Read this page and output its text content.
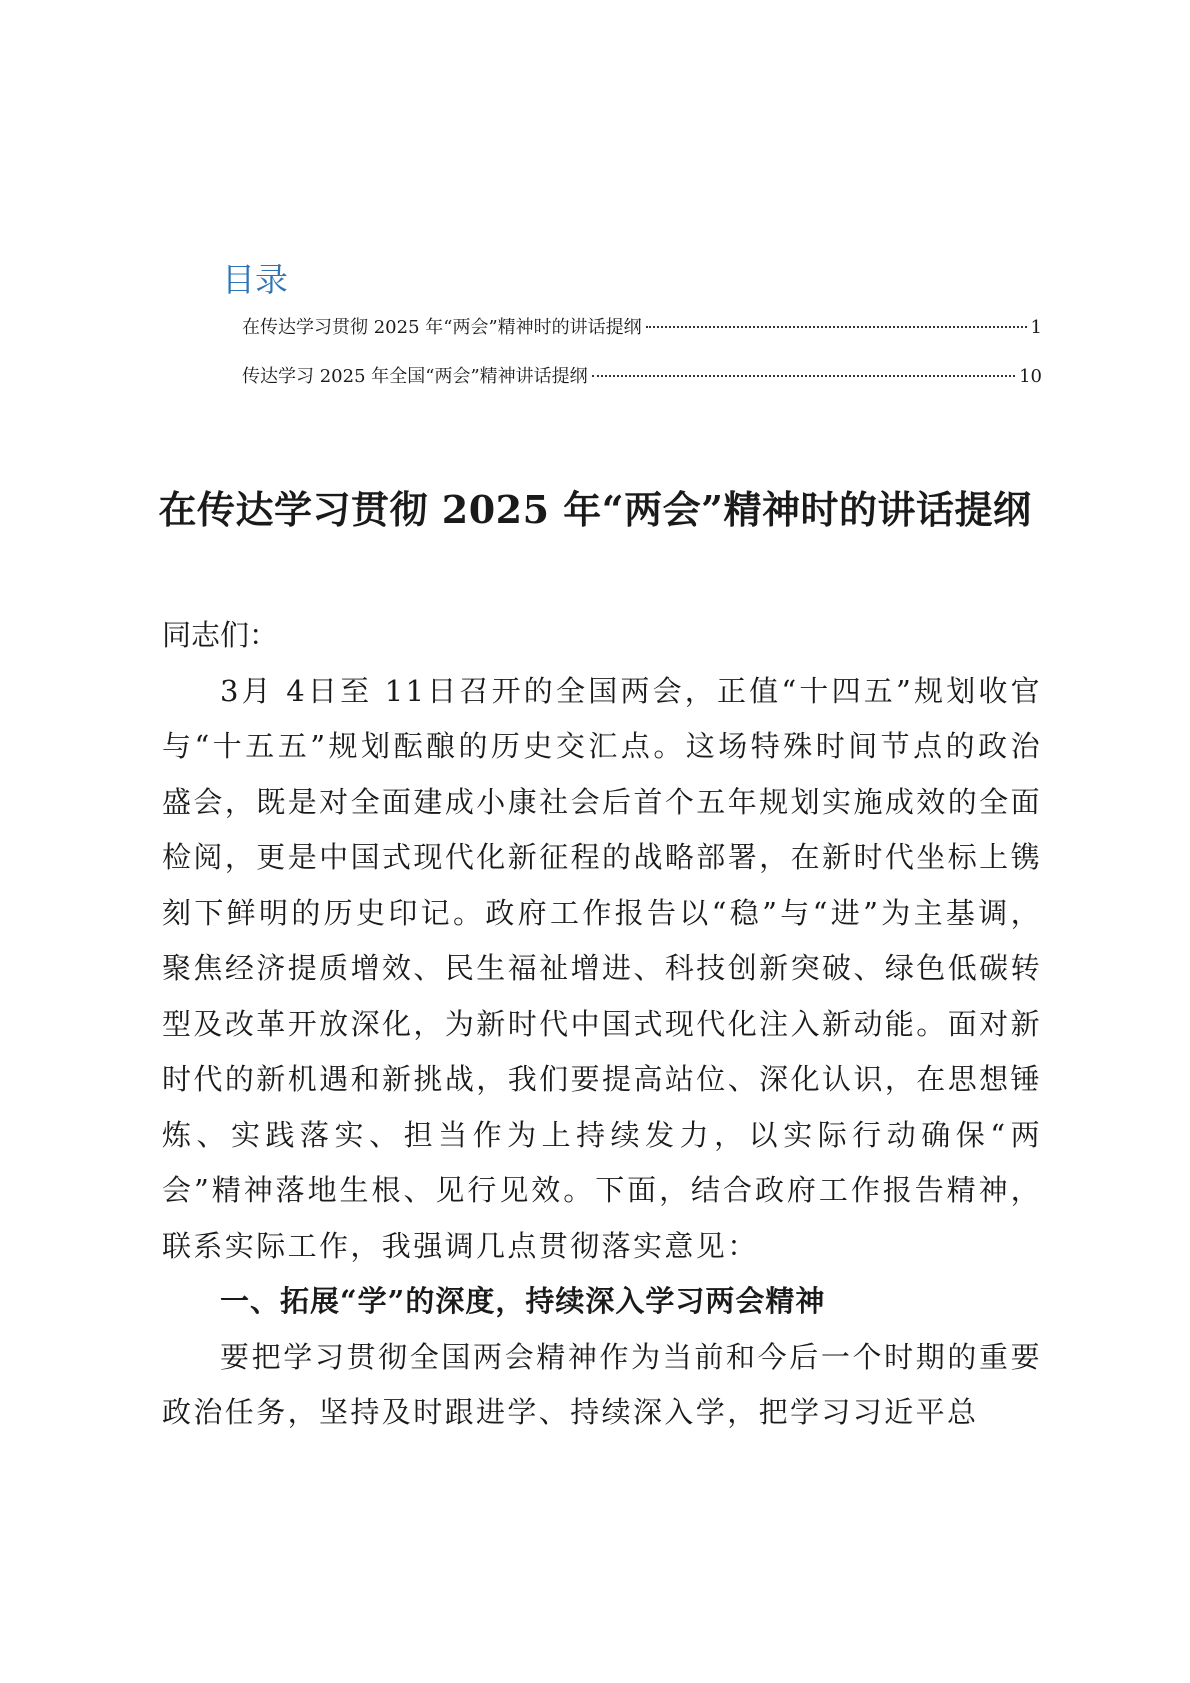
目录
在传达学习贯彻 2025 年“两会”精神时的讲话提纲	1
传达学习 2025 年全国“两会”精神讲话提纲	10
在传达学习贯彻 2025 年“两会”精神时的讲话提纲

同志们：

3月 4日至 11日召开的全国两会，正值“十四五”规划收官与“十五五”规划酝酿的历史交汇点。这场特殊时间节点的政治盛会，既是对全面建成小康社会后首个五年规划实施成效的全面检阅，更是中国式现代化新征程的战略部署，在新时代坐标上镌刻下鲜明的历史印记。政府工作报告以“稳”与“进”为主基调，聚焦经济提质增效、民生福祉增进、科技创新突破、绿色低碳转型及改革开放深化，为新时代中国式现代化注入新动能。面对新时代的新机遇和新挑战，我们要提高站位、深化认识，在思想锤炼、实践落实、担当作为上持续发力，以实际行动确保“两会”精神落地生根、见行见效。下面，结合政府工作报告精神，联系实际工作，我强调几点贯彻落实意见：

一、拓展“学”的深度，持续深入学习两会精神

要把学习贯彻全国两会精神作为当前和今后一个时期的重要政治任务，坚持及时跟进学、持续深入学，把学习习近平总
